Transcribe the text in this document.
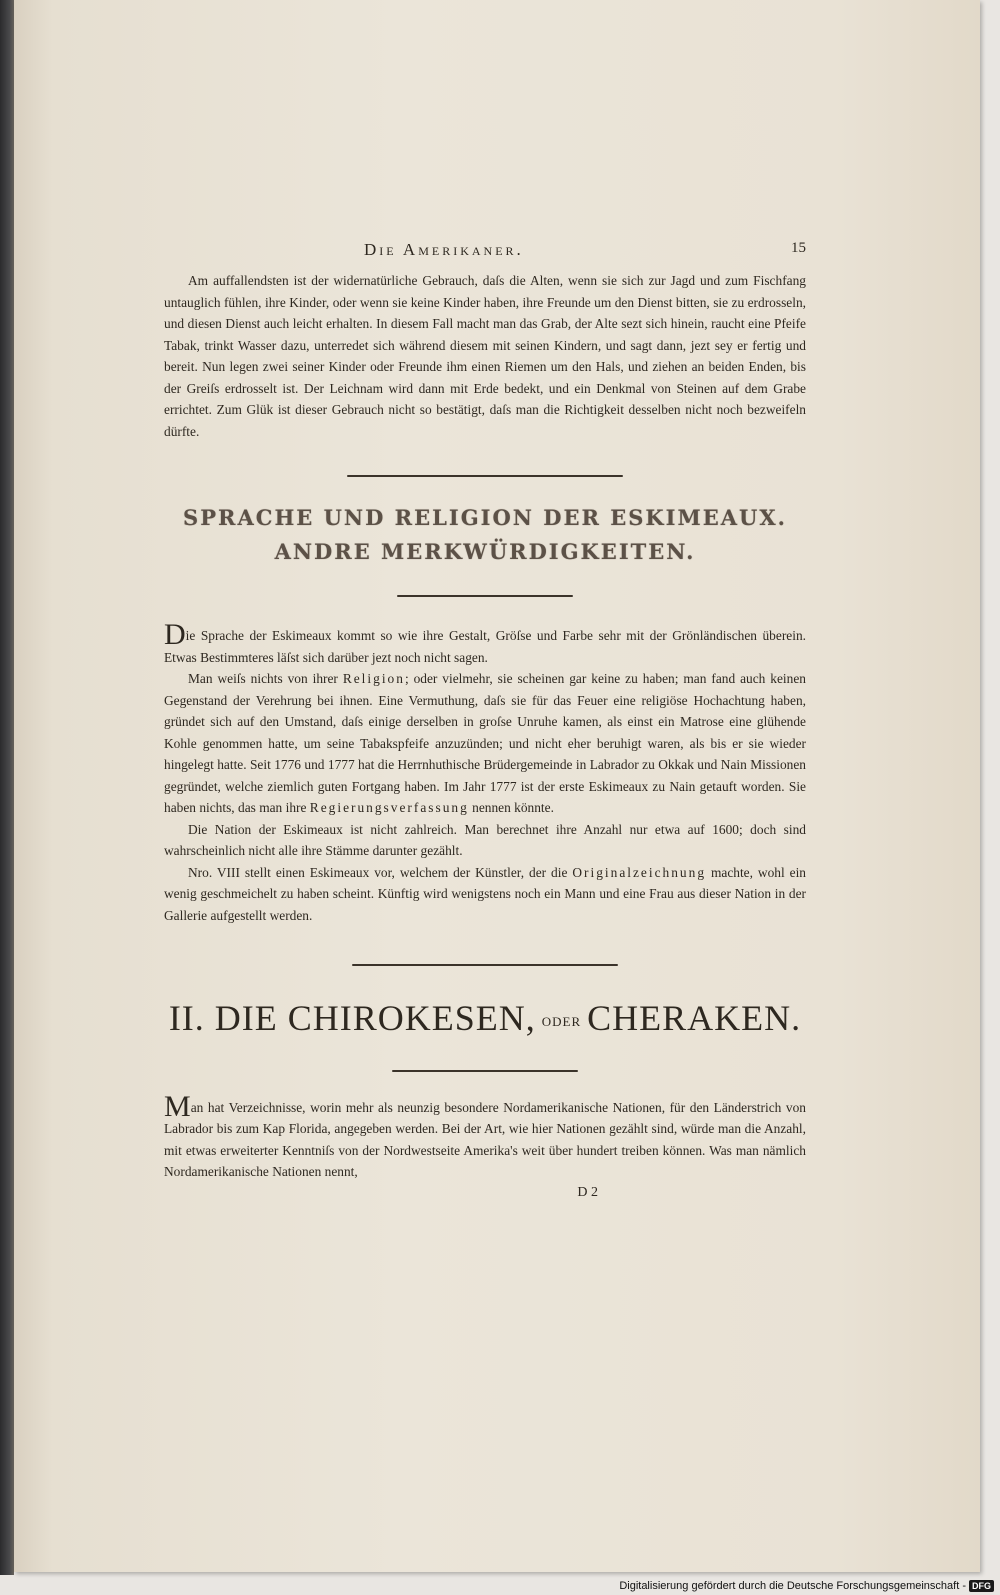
Die Amerikaner.	15

Am auffallendsten ist der widernatürliche Gebrauch, daſs die Alten, wenn sie sich zur Jagd und zum Fischfang untauglich fühlen, ihre Kinder, oder wenn sie keine Kinder haben, ihre Freunde um den Dienst bitten, sie zu erdrosseln, und diesen Dienst auch leicht erhalten. In diesem Fall macht man das Grab, der Alte sezt sich hinein, raucht eine Pfeife Tabak, trinkt Wasser dazu, unterredet sich während diesem mit seinen Kindern, und sagt dann, jezt sey er fertig und bereit. Nun legen zwei seiner Kinder oder Freunde ihm einen Riemen um den Hals, und ziehen an beiden Enden, bis der Greiſs erdrosselt ist. Der Leichnam wird dann mit Erde bedekt, und ein Denkmal von Steinen auf dem Grabe errichtet. Zum Glük ist dieser Gebrauch nicht so bestätigt, daſs man die Richtigkeit desselben nicht noch bezweifeln dürfte.

SPRACHE UND RELIGION DER ESKIMEAUX.
ANDRE MERKWÜRDIGKEITEN.

Die Sprache der Eskimeaux kommt so wie ihre Gestalt, Gröſse und Farbe sehr mit der Grönländischen überein. Etwas Bestimmteres läſst sich darüber jezt noch nicht sagen.

Man weiſs nichts von ihrer Religion; oder vielmehr, sie scheinen gar keine zu haben; man fand auch keinen Gegenstand der Verehrung bei ihnen. Eine Vermuthung, daſs sie für das Feuer eine religiöse Hochachtung haben, gründet sich auf den Umstand, daſs einige derselben in groſse Unruhe kamen, als einst ein Matrose eine glühende Kohle genommen hatte, um seine Tabakspfeife anzuzünden; und nicht eher beruhigt waren, als bis er sie wieder hingelegt hatte. Seit 1776 und 1777 hat die Herrnhuthische Brüdergemeinde in Labrador zu Okkak und Nain Missionen gegründet, welche ziemlich guten Fortgang haben. Im Jahr 1777 ist der erste Eskimeaux zu Nain getauft worden. Sie haben nichts, das man ihre Regierungsverfassung nennen könnte.

Die Nation der Eskimeaux ist nicht zahlreich. Man berechnet ihre Anzahl nur etwa auf 1600; doch sind wahrscheinlich nicht alle ihre Stämme darunter gezählt.

Nro. VIII stellt einen Eskimeaux vor, welchem der Künstler, der die Originalzeichnung machte, wohl ein wenig geschmeichelt zu haben scheint. Künftig wird wenigstens noch ein Mann und eine Frau aus dieser Nation in der Gallerie aufgestellt werden.

II. DIE CHIROKESEN, ODER CHERAKEN.

Man hat Verzeichnisse, worin mehr als neunzig besondere Nordamerikanische Nationen, für den Länderstrich von Labrador bis zum Kap Florida, angegeben werden. Bei der Art, wie hier Nationen gezählt sind, würde man die Anzahl, mit etwas erweiterter Kenntniſs von der Nordwestseite Amerika's weit über hundert treiben können. Was man nämlich Nordamerikanische Nationen nennt,

D 2
Digitalisierung gefördert durch die Deutsche Forschungsgemeinschaft - DFG
